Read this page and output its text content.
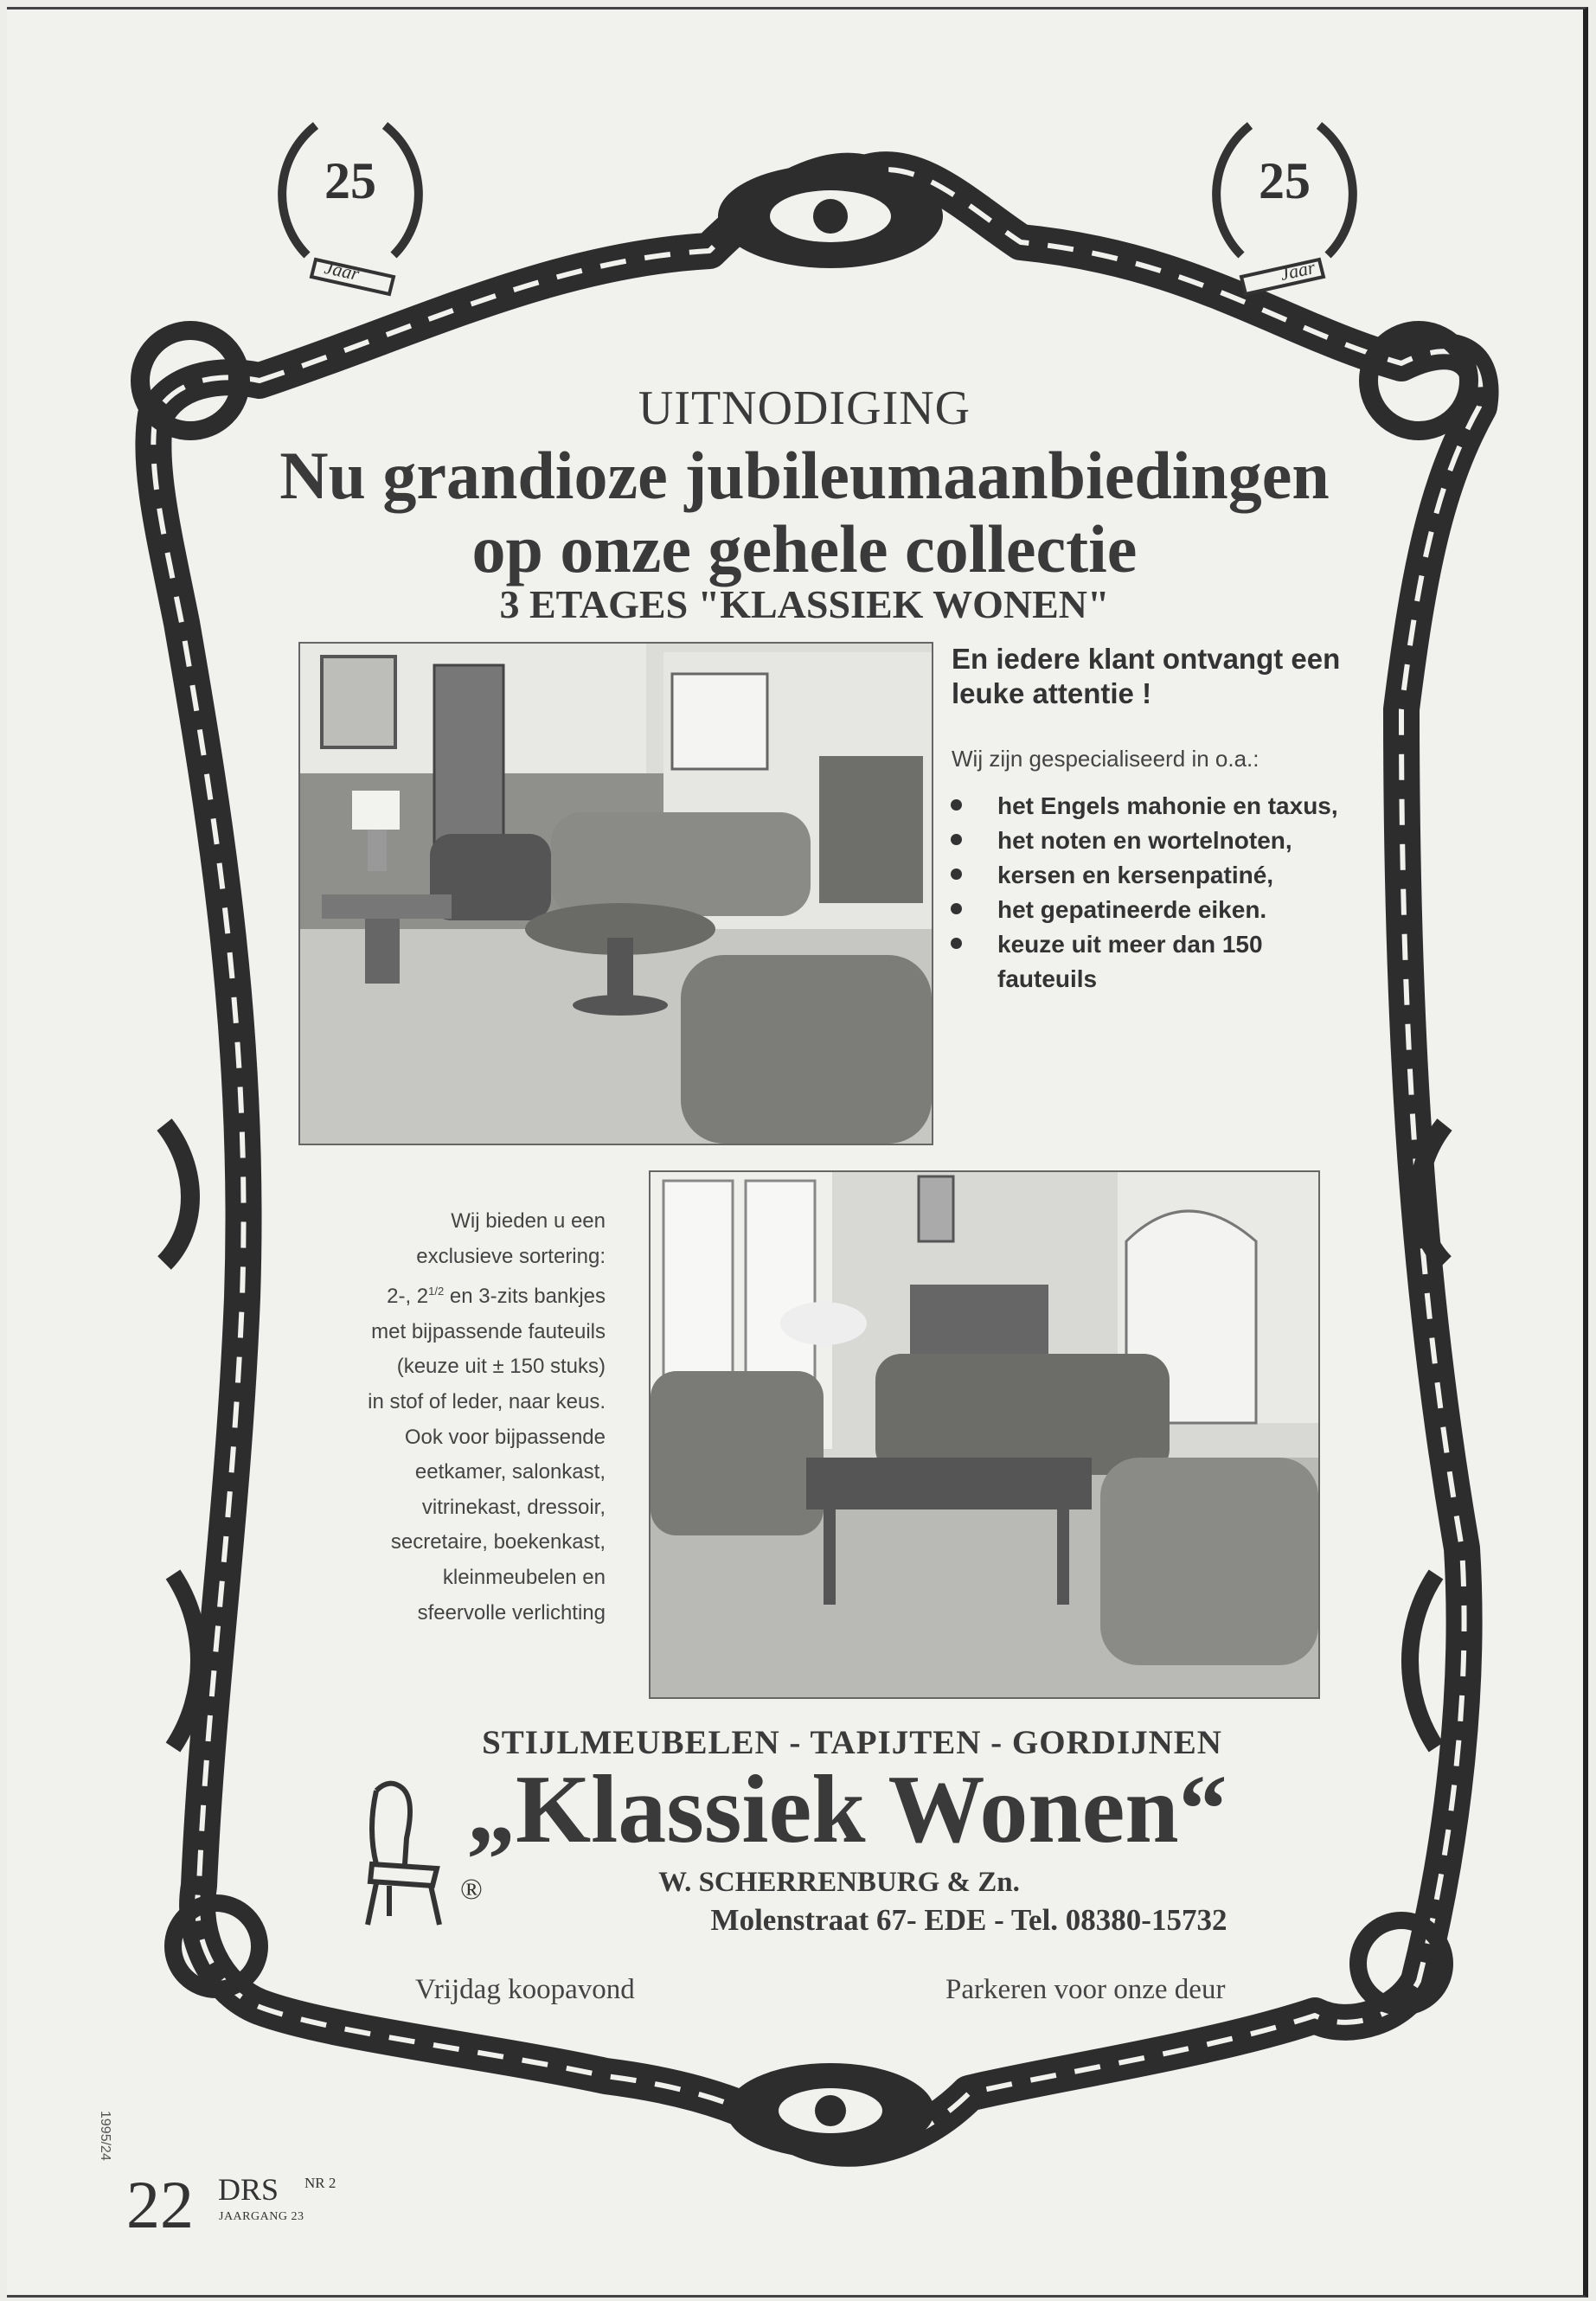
25
Jaar
25
Jaar
UITNODIGING
Nu grandioze jubileumaanbiedingen
op onze gehele collectie
3 ETAGES "KLASSIEK WONEN"
En iedere klant ontvangt een leuke attentie !
Wij zijn gespecialiseerd in o.a.:
het Engels mahonie en taxus,
het noten en wortelnoten,
kersen en kersenpatiné,
het gepatineerde eiken.
keuze uit meer dan 150 fauteuils
Wij bieden u een
exclusieve sortering:
2-, $2^{1/2}$ en 3-zits bankjes
met bijpassende fauteuils
(keuze uit ± 150 stuks)
in stof of leder, naar keus.
Ook voor bijpassende
eetkamer, salonkast,
vitrinekast, dressoir,
secretaire, boekenkast,
kleinmeubelen en
sfeervolle verlichting
STIJLMEUBELEN - TAPIJTEN - GORDIJNEN
„Klassiek Wonen“
®	W. SCHERRENBURG & Zn.
Molenstraat 67- EDE - Tel. 08380-15732
Vrijdag koopavond	Parkeren voor onze deur
1995/24
22 DRS NR 2
JAARGANG 23
